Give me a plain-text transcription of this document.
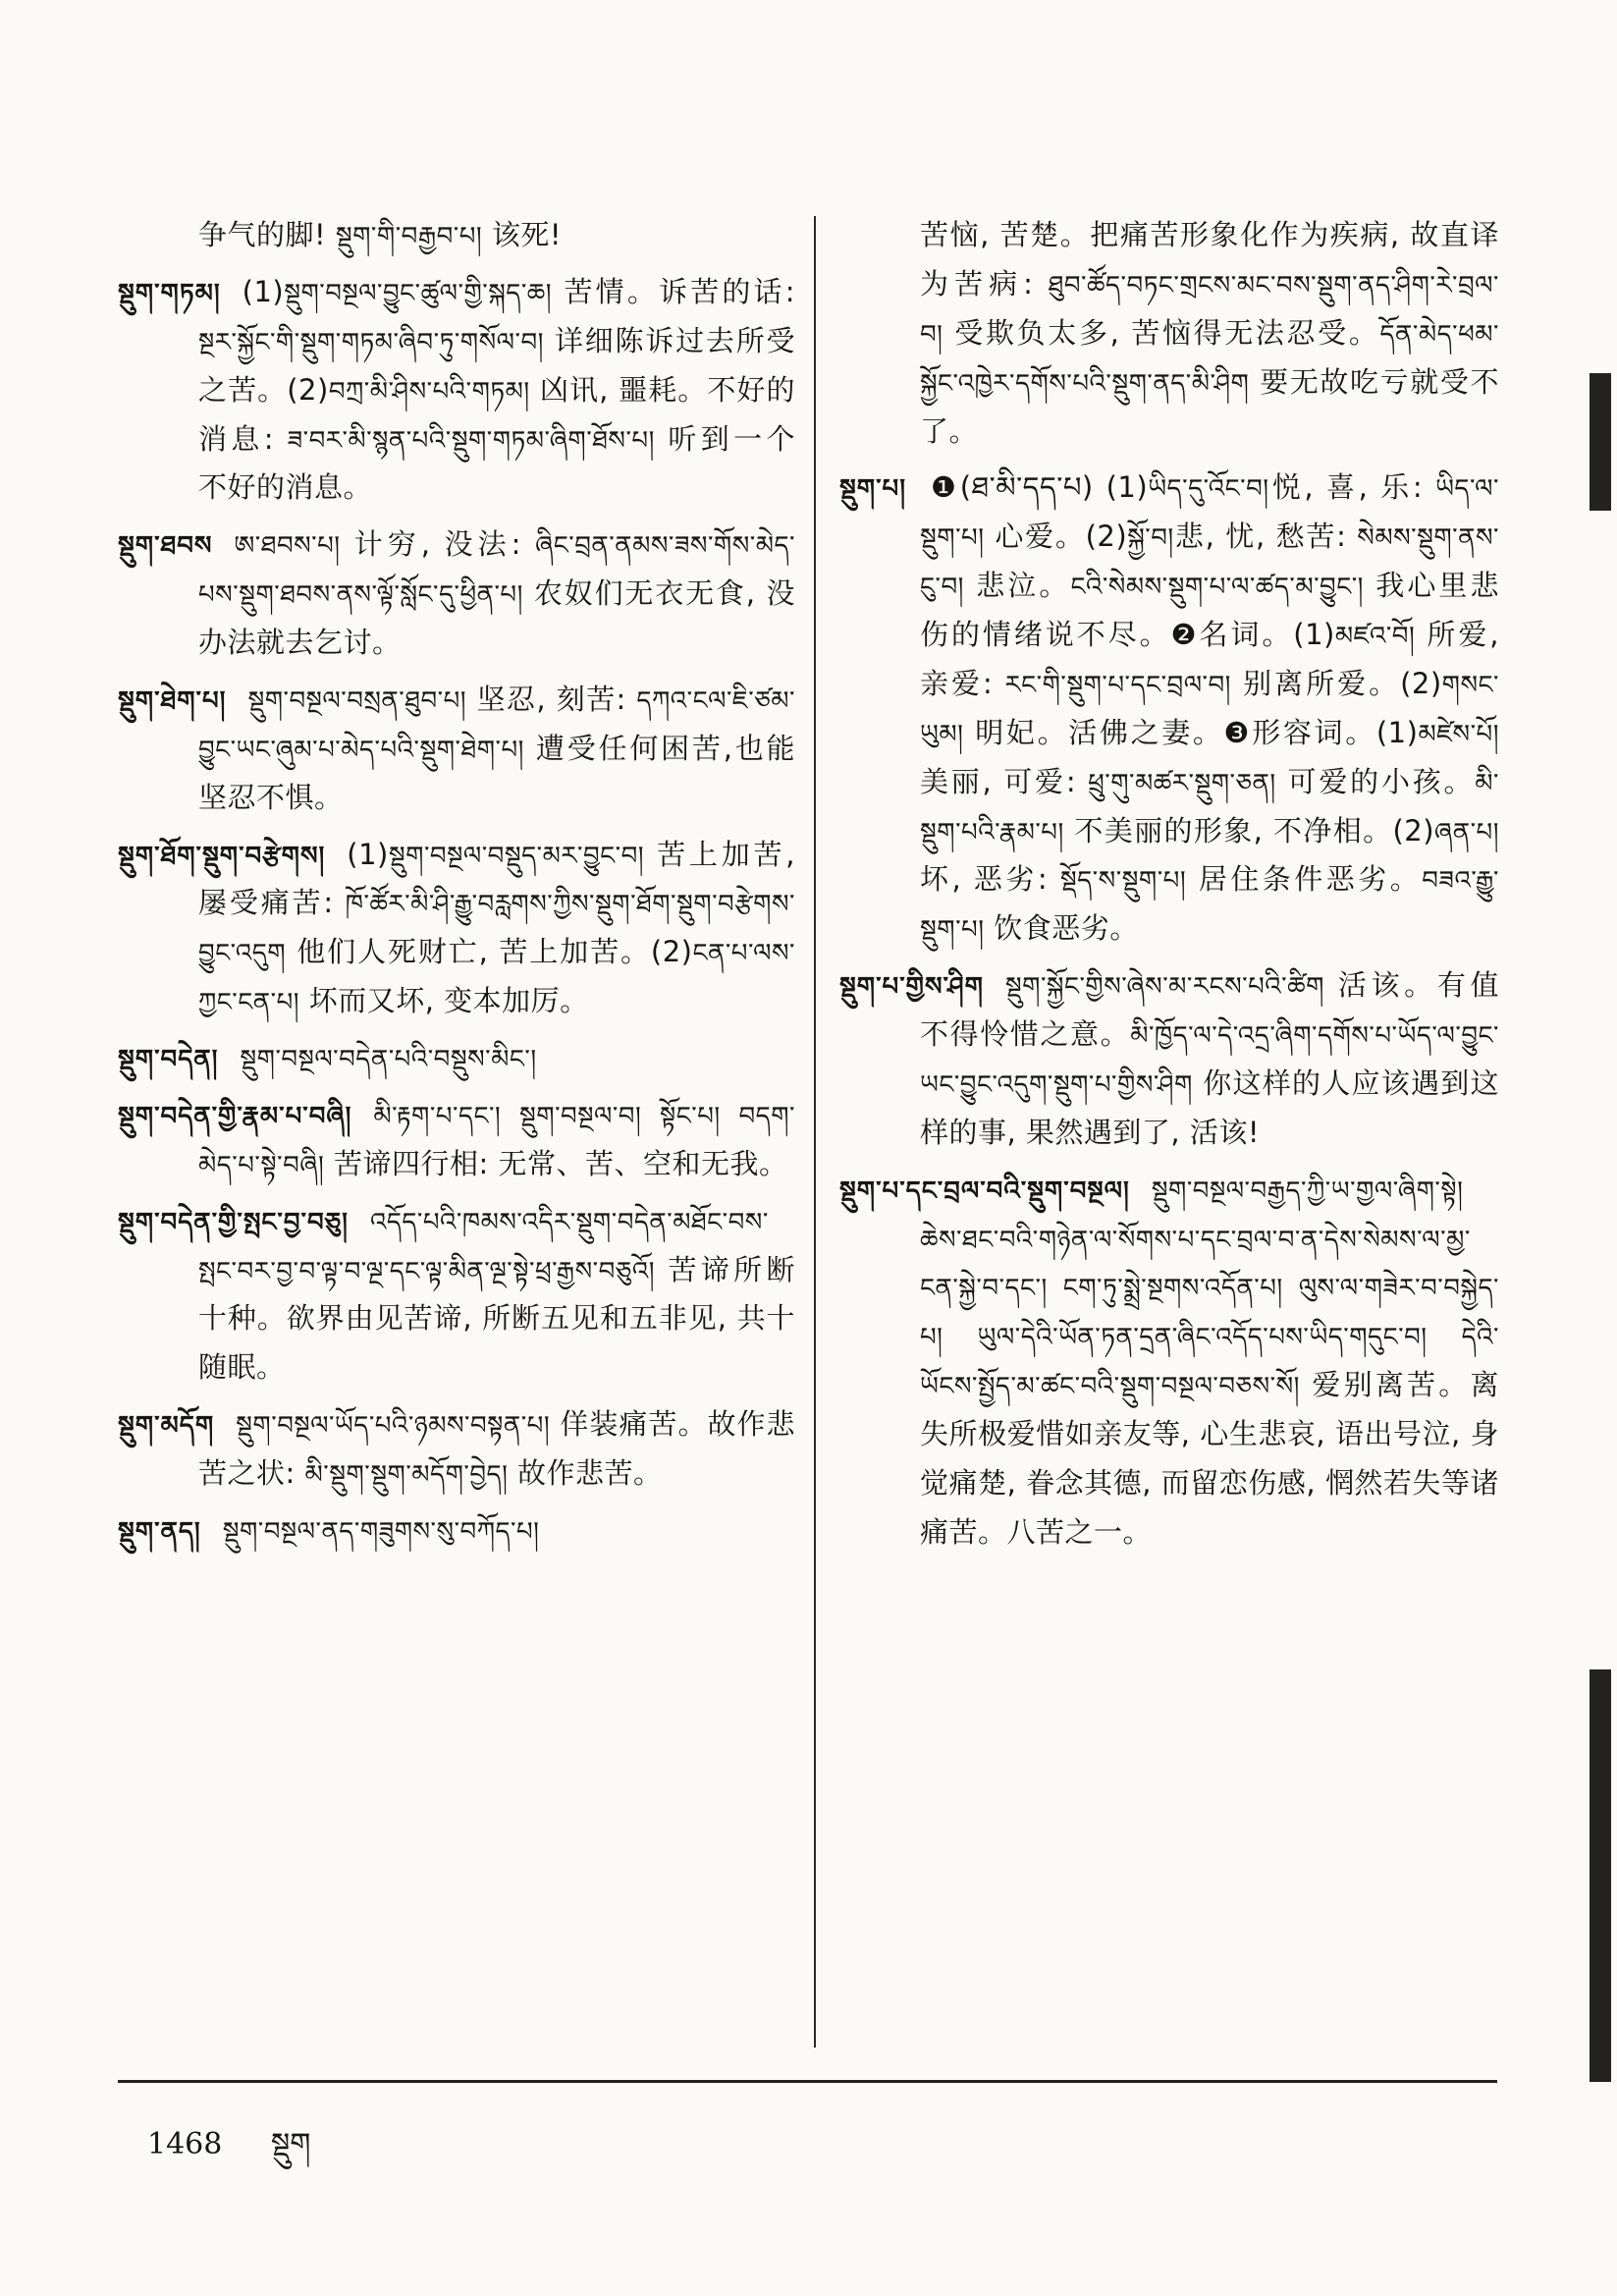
争气的脚! སྡུག་གི་བརྒྱབ་པ། 该死!
སྡུག་གཏམ། (1)སྡུག་བསྔལ་བྱུང་ཚུལ་གྱི་སྐད་ཆ། 苦情。诉苦的话: སྔར་སྐྱོང་གི་སྡུག་གཏམ་ཞིབ་ཏུ་གསོལ་བ། 详细陈诉过去所受之苦。(2)བཀྲ་མི་ཤིས་པའི་གཏམ། 凶讯, 噩耗。不好的消息: ཟ་བར་མི་སྙན་པའི་སྡུག་གཏམ་ཞིག་ཐོས་པ། 听到一个不好的消息。
སྡུག་ཐབས ཨ་ཐབས་པ། 计穷, 没法: ཞིང་བྲན་ནམས་ཟས་གོས་མེད་པས་སྡུག་ཐབས་ནས་ལྟོ་སློང་དུ་ཕྱིན་པ། 农奴们无衣无食, 没办法就去乞讨。
སྡུག་ཐེག་པ། སྡུག་བསྔལ་བསྲན་ཐུབ་པ། 坚忍, 刻苦: དཀའ་ངལ་ཇི་ཙམ་བྱུང་ཡང་ཞུམ་པ་མེད་པའི་སྡུག་ཐེག་པ། 遭受任何困苦,也能坚忍不惧。
སྡུག་ཐོག་སྡུག་བརྩེགས། (1)སྡུག་བསྔལ་བསྡུད་མར་བྱུང་བ། 苦上加苦, 屡受痛苦: ཁོ་ཚོར་མི་ཤི་རྒྱུ་བརླགས་ཀྱིས་སྡུག་ཐོག་སྡུག་བརྩེགས་བྱུང་འདུག 他们人死财亡, 苦上加苦。(2)ངན་པ་ལས་ཀྱང་ངན་པ། 坏而又坏, 变本加厉。
སྡུག་བདེན། སྡུག་བསྔལ་བདེན་པའི་བསྡུས་མིང་།
སྡུག་བདེན་གྱི་རྣམ་པ་བཞི། མི་རྟག་པ་དང་། སྡུག་བསྔལ་བ། སྟོང་པ། བདག་མེད་པ་སྟེ་བཞི། 苦谛四行相: 无常、苦、空和无我。
སྡུག་བདེན་གྱི་སྤང་བྱ་བཅུ། འདོད་པའི་ཁམས་འདིར་སྡུག་བདེན་མཐོང་བས་སྤང་བར་བྱ་བ་ལྟ་བ་ལྔ་དང་ལྟ་མིན་ལྔ་སྟེ་ཕྲ་རྒྱས་བཅུའོ། 苦谛所断十种。欲界由见苦谛, 所断五见和五非见, 共十随眠。
སྡུག་མདོག སྡུག་བསྔལ་ཡོད་པའི་ཉམས་བསྟན་པ། 佯装痛苦。故作悲苦之状: མི་སྡུག་སྡུག་མདོག་བྱེད། 故作悲苦。
སྡུག་ནད། སྡུག་བསྔལ་ནད་གཟུགས་སུ་བཀོད་པ།
苦恼, 苦楚。把痛苦形象化作为疾病, 故直译为苦病: ཐུབ་ཚོད་བཏང་གྲངས་མང་བས་སྡུག་ནད་ཤིག་རེ་བྲལ་བ། 受欺负太多, 苦恼得无法忍受。དོན་མེད་ཕམ་སྐྱོང་འཁྱེར་དགོས་པའི་སྡུག་ནད་མི་ཤིག 要无故吃亏就受不了。
སྡུག་པ། ❶(ཐ་མི་དད་པ) (1)ཡིད་དུ་འོང་བ།悦, 喜, 乐: ཡིད་ལ་སྡུག་པ། 心爱。(2)སྐྱོ་བ།悲, 忧, 愁苦: སེམས་སྡུག་ནས་ངུ་བ། 悲泣。ངའི་སེམས་སྡུག་པ་ལ་ཚད་མ་བྱུང་། 我心里悲伤的情绪说不尽。❷名词。(1)མཛའ་བོ། 所爱, 亲爱: རང་གི་སྡུག་པ་དང་བྲལ་བ། 别离所爱。(2)གསང་ཡུམ། 明妃。活佛之妻。❸形容词。(1)མཛེས་པོ། 美丽, 可爱: ཕྲུ་གུ་མཚར་སྡུག་ཅན། 可爱的小孩。མི་སྡུག་པའི་རྣམ་པ། 不美丽的形象, 不净相。(2)ཞན་པ། 坏, 恶劣: སྡོད་ས་སྡུག་པ། 居住条件恶劣。བཟའ་རྒྱུ་སྡུག་པ། 饮食恶劣。
སྡུག་པ་གྱིས་ཤིག སྡུག་སྐྱོང་གྱིས་ཞེས་མ་རངས་པའི་ཚིག 活该。有值不得怜惜之意。མི་ཁྱོད་ལ་དེ་འདྲ་ཞིག་དགོས་པ་ཡོད་ལ་བྱུང་ཡང་བྱུང་འདུག་སྡུག་པ་གྱིས་ཤིག 你这样的人应该遇到这样的事, 果然遇到了, 活该!
སྡུག་པ་དང་བྲལ་བའི་སྡུག་བསྔལ། སྡུག་བསྔལ་བརྒྱད་ཀྱི་ཡ་གྱལ་ཞིག་སྟེ། ཆེས་ཐང་བའི་གཉེན་ལ་སོགས་པ་དང་བྲལ་བ་ན་དེས་སེམས་ལ་མྱ་ངན་སྐྱེ་བ་དང་། ངག་ཏུ་སྨྲེ་སྔགས་འདོན་པ། ལུས་ལ་གཟེར་བ་བསྐྱེད་པ། ཡུལ་དེའི་ཡོན་ཏན་དྲན་ཞིང་འདོད་པས་ཡིད་གདུང་བ། དེའི་ཡོངས་སྤྱོད་མ་ཚང་བའི་སྡུག་བསྔལ་བཅས་སོ། 爱别离苦。离失所极爱惜如亲友等, 心生悲哀, 语出号泣, 身觉痛楚, 眷念其德, 而留恋伤感, 惘然若失等诸痛苦。八苦之一。
1468 སྡུག
